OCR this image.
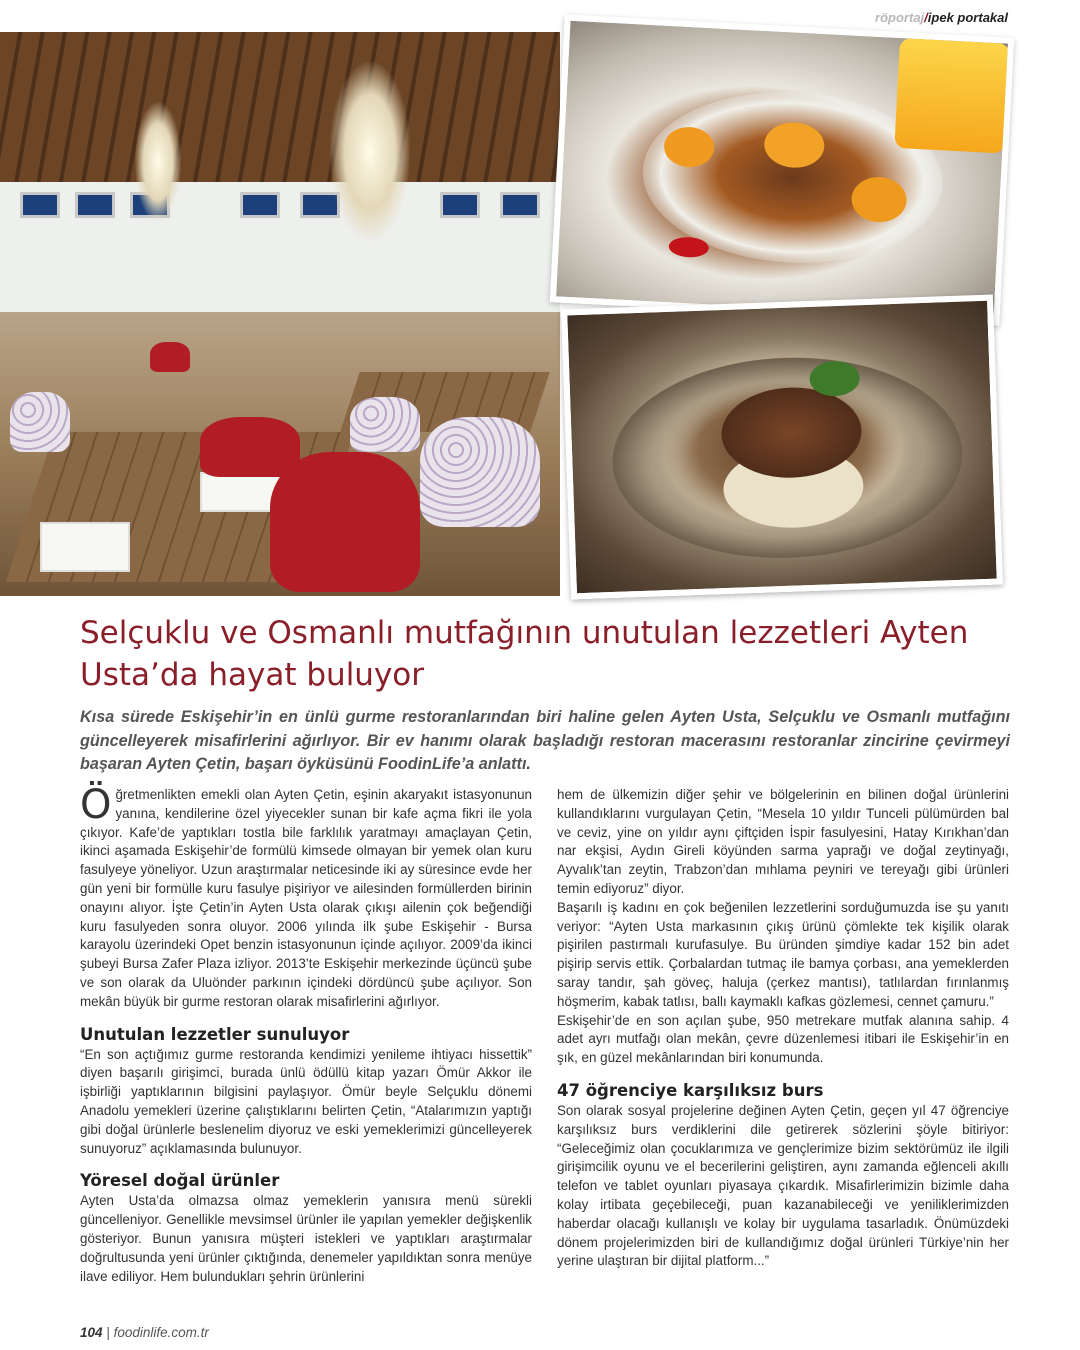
röportaj/ipek portakal
Selçuklu ve Osmanlı mutfağının unutulan lezzetleri Ayten Usta’da hayat buluyor

Kısa sürede Eskişehir’in en ünlü gurme restoranlarından biri haline gelen Ayten Usta, Selçuklu ve Osmanlı mutfağını güncelleyerek misafirlerini ağırlıyor. Bir ev hanımı olarak başladığı restoran macerasını restoranlar zincirine çevirmeyi başaran Ayten Çetin, başarı öyküsünü FoodinLife’a anlattı.

Öğretmenlikten emekli olan Ayten Çetin, eşinin akaryakıt istasyonunun yanına, kendilerine özel yiyecekler sunan bir kafe açma fikri ile yola çıkıyor. Kafe’de yaptıkları tostla bile farklılık yaratmayı amaçlayan Çetin, ikinci aşamada Eskişehir’de formülü kimsede olmayan bir yemek olan kuru fasulyeye yöneliyor. Uzun araştırmalar neticesinde iki ay süresince evde her gün yeni bir formülle kuru fasulye pişiriyor ve ailesinden formüllerden birinin onayını alıyor. İşte Çetin’in Ayten Usta olarak çıkışı ailenin çok beğendiği kuru fasulyeden sonra oluyor. 2006 yılında ilk şube Eskişehir - Bursa karayolu üzerindeki Opet benzin istasyonunun içinde açılıyor. 2009’da ikinci şubeyi Bursa Zafer Plaza izliyor. 2013’te Eskişehir merkezinde üçüncü şube ve son olarak da Uluönder parkının içindeki dördüncü şube açılıyor. Son mekân büyük bir gurme restoran olarak misafirlerini ağırlıyor.

Unutulan lezzetler sunuluyor

“En son açtığımız gurme restoranda kendimizi yenileme ihtiyacı hissettik” diyen başarılı girişimci, burada ünlü ödüllü kitap yazarı Ömür Akkor ile işbirliği yaptıklarının bilgisini paylaşıyor. Ömür beyle Selçuklu dönemi Anadolu yemekleri üzerine çalıştıklarını belirten Çetin, “Atalarımızın yaptığı gibi doğal ürünlerle beslenelim diyoruz ve eski yemeklerimizi güncelleyerek sunuyoruz” açıklamasında bulunuyor.

Yöresel doğal ürünler

Ayten Usta’da olmazsa olmaz yemeklerin yanısıra menü sürekli güncelleniyor. Genellikle mevsimsel ürünler ile yapılan yemekler değişkenlik gösteriyor. Bunun yanısıra müşteri istekleri ve yaptıkları araştırmalar doğrultusunda yeni ürünler çıktığında, denemeler yapıldıktan sonra menüye ilave ediliyor. Hem bulundukları şehrin ürünlerini

hem de ülkemizin diğer şehir ve bölgelerinin en bilinen doğal ürünlerini kullandıklarını vurgulayan Çetin, “Mesela 10 yıldır Tunceli pülümürden bal ve ceviz, yine on yıldır aynı çiftçiden İspir fasulyesini, Hatay Kırıkhan’dan nar ekşisi, Aydın Gireli köyünden sarma yaprağı ve doğal zeytinyağı, Ayvalık’tan zeytin, Trabzon’dan mıhlama peyniri ve tereyağı gibi ürünleri temin ediyoruz” diyor.

Başarılı iş kadını en çok beğenilen lezzetlerini sorduğumuzda ise şu yanıtı veriyor: “Ayten Usta markasının çıkış ürünü çömlekte tek kişilik olarak pişirilen pastırmalı kurufasulye. Bu üründen şimdiye kadar 152 bin adet pişirip servis ettik. Çorbalardan tutmaç ile bamya çorbası, ana yemeklerden saray tandır, şah göveç, haluja (çerkez mantısı), tatlılardan fırınlanmış höşmerim, kabak tatlısı, ballı kaymaklı kafkas gözlemesi, cennet çamuru.”

Eskişehir’de en son açılan şube, 950 metrekare mutfak alanına sahip. 4 adet ayrı mutfağı olan mekân, çevre düzenlemesi itibari ile Eskişehir’in en şık, en güzel mekânlarından biri konumunda.

47 öğrenciye karşılıksız burs

Son olarak sosyal projelerine değinen Ayten Çetin, geçen yıl 47 öğrenciye karşılıksız burs verdiklerini dile getirerek sözlerini şöyle bitiriyor: “Geleceğimiz olan çocuklarımıza ve gençlerimize bizim sektörümüz ile ilgili girişimcilik oyunu ve el becerilerini geliştiren, aynı zamanda eğlenceli akıllı telefon ve tablet oyunları piyasaya çıkardık. Misafirlerimizin bizimle daha kolay irtibata geçebileceği, puan kazanabileceği ve yeniliklerimizden haberdar olacağı kullanışlı ve kolay bir uygulama tasarladık. Önümüzdeki dönem projelerimizden biri de kullandığımız doğal ürünleri Türkiye’nin her yerine ulaştıran bir dijital platform...”

104 | foodinlife.com.tr
